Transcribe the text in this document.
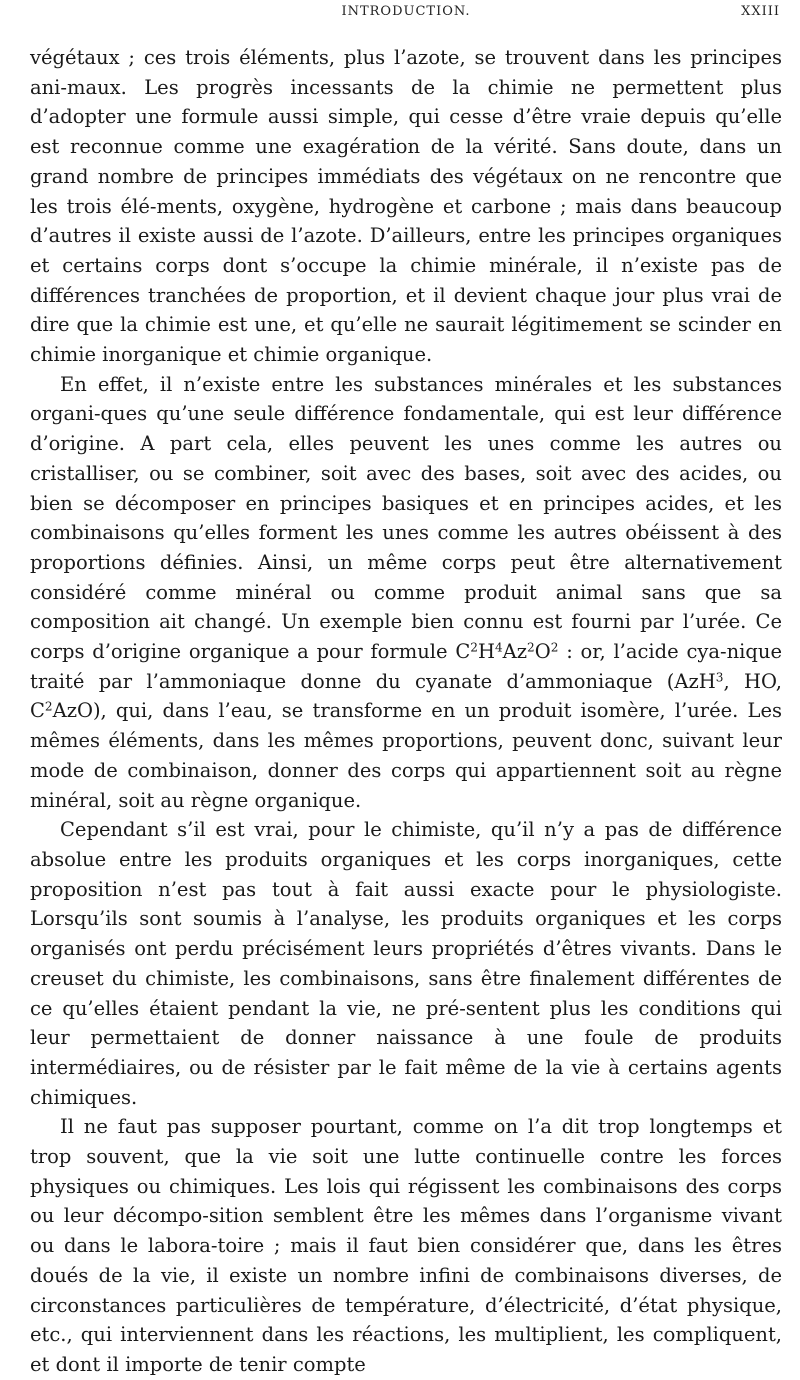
INTRODUCTION.	XXIII

végétaux ; ces trois éléments, plus l’azote, se trouvent dans les principes ani-maux. Les progrès incessants de la chimie ne permettent plus d’adopter une formule aussi simple, qui cesse d’être vraie depuis qu’elle est reconnue comme une exagération de la vérité. Sans doute, dans un grand nombre de principes immédiats des végétaux on ne rencontre que les trois élé-ments, oxygène, hydrogène et carbone ; mais dans beaucoup d’autres il existe aussi de l’azote. D’ailleurs, entre les principes organiques et certains corps dont s’occupe la chimie minérale, il n’existe pas de différences tranchées de proportion, et il devient chaque jour plus vrai de dire que la chimie est une, et qu’elle ne saurait légitimement se scinder en chimie inorganique et chimie organique.

En effet, il n’existe entre les substances minérales et les substances organi-ques qu’une seule différence fondamentale, qui est leur différence d’origine. A part cela, elles peuvent les unes comme les autres ou cristalliser, ou se combiner, soit avec des bases, soit avec des acides, ou bien se décomposer en principes basiques et en principes acides, et les combinaisons qu’elles forment les unes comme les autres obéissent à des proportions définies. Ainsi, un même corps peut être alternativement considéré comme minéral ou comme produit animal sans que sa composition ait changé. Un exemple bien connu est fourni par l’urée. Ce corps d’origine organique a pour formule $C^2H^4Az^2O^2$ : or, l’acide cya-nique traité par l’ammoniaque donne du cyanate d’ammoniaque (AzH$^3$, HO, $C^2AzO$), qui, dans l’eau, se transforme en un produit isomère, l’urée. Les mêmes éléments, dans les mêmes proportions, peuvent donc, suivant leur mode de combinaison, donner des corps qui appartiennent soit au règne minéral, soit au règne organique.

Cependant s’il est vrai, pour le chimiste, qu’il n’y a pas de différence absolue entre les produits organiques et les corps inorganiques, cette proposition n’est pas tout à fait aussi exacte pour le physiologiste. Lorsqu’ils sont soumis à l’analyse, les produits organiques et les corps organisés ont perdu précisément leurs propriétés d’êtres vivants. Dans le creuset du chimiste, les combinaisons, sans être finalement différentes de ce qu’elles étaient pendant la vie, ne pré-sentent plus les conditions qui leur permettaient de donner naissance à une foule de produits intermédiaires, ou de résister par le fait même de la vie à certains agents chimiques.

Il ne faut pas supposer pourtant, comme on l’a dit trop longtemps et trop souvent, que la vie soit une lutte continuelle contre les forces physiques ou chimiques. Les lois qui régissent les combinaisons des corps ou leur décompo-sition semblent être les mêmes dans l’organisme vivant ou dans le labora-toire ; mais il faut bien considérer que, dans les êtres doués de la vie, il existe un nombre infini de combinaisons diverses, de circonstances particulières de température, d’électricité, d’état physique, etc., qui interviennent dans les réactions, les multiplient, les compliquent, et dont il importe de tenir compte
